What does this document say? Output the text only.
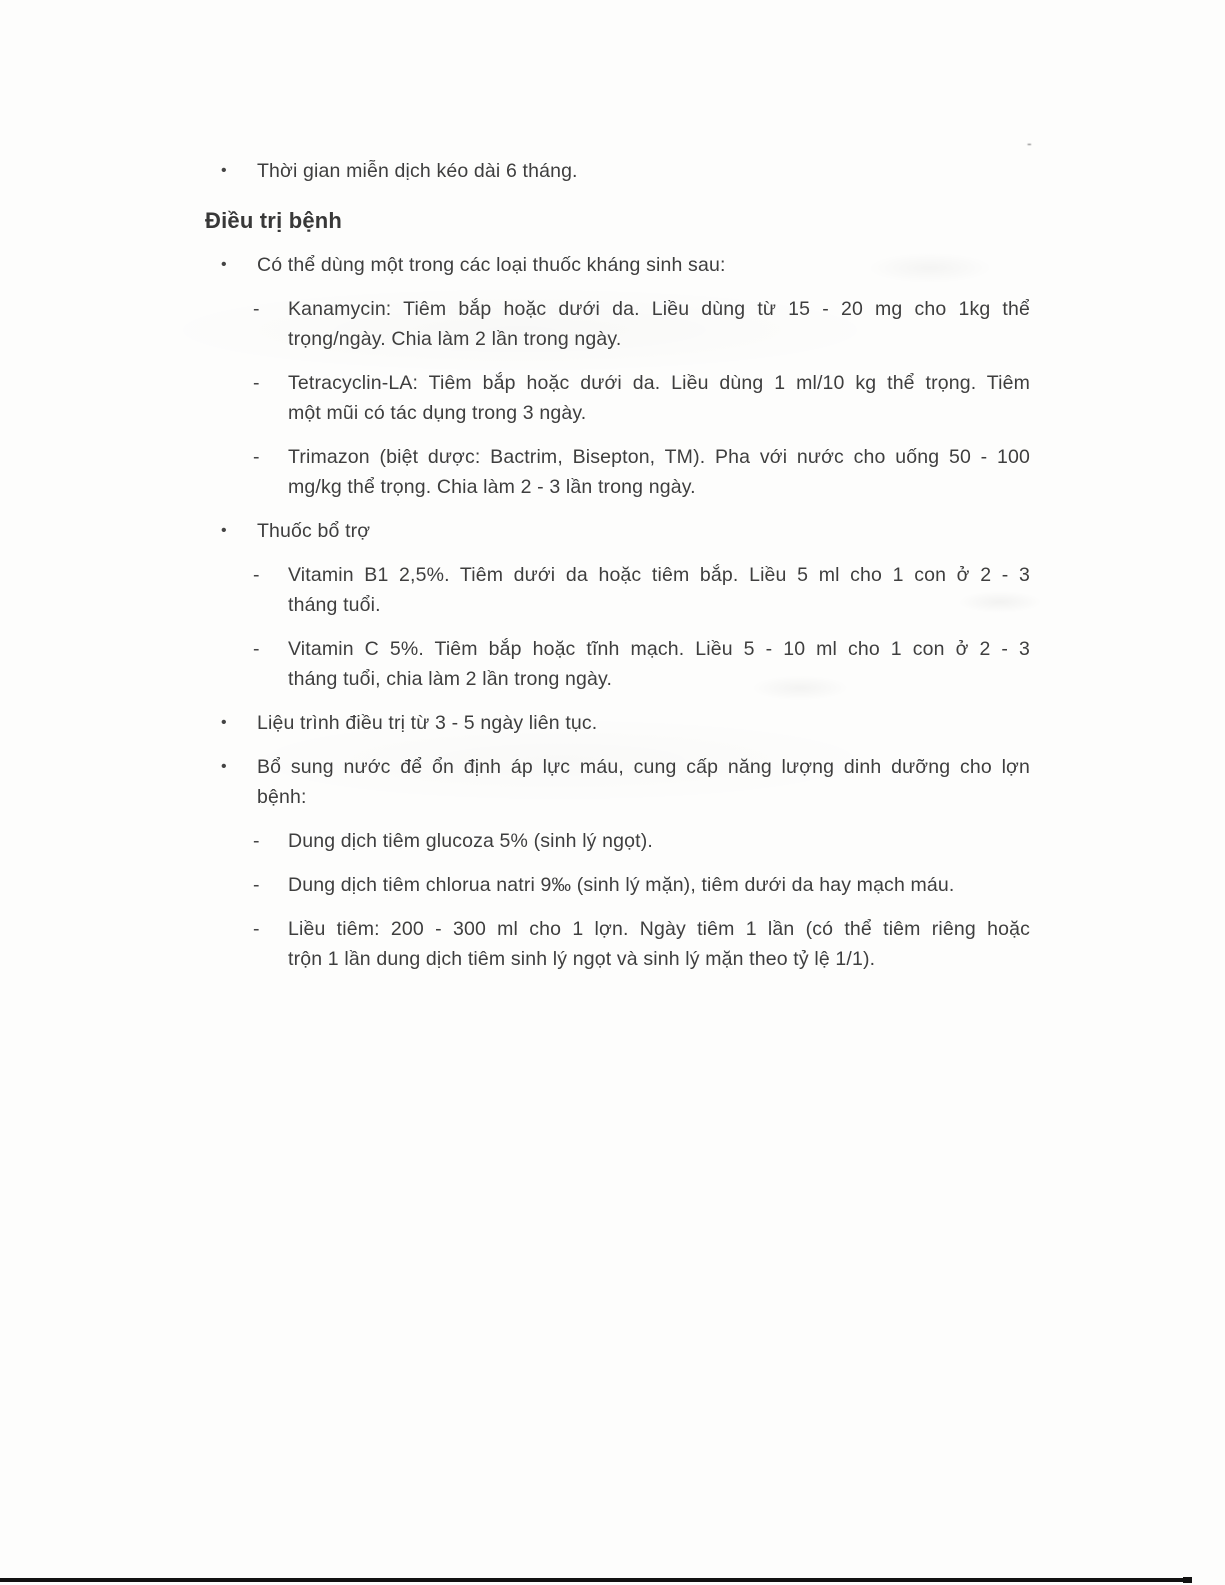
-
• Thời gian miễn dịch kéo dài 6 tháng.
Điều trị bệnh
• Có thể dùng một trong các loại thuốc kháng sinh sau:
- Kanamycin: Tiêm bắp hoặc dưới da. Liều dùng từ 15 - 20 mg cho 1kg thể
trọng/ngày. Chia làm 2 lần trong ngày.
- Tetracyclin-LA: Tiêm bắp hoặc dưới da. Liều dùng 1 ml/10 kg thể trọng. Tiêm
một mũi có tác dụng trong 3 ngày.
- Trimazon (biệt dược: Bactrim, Bisepton, TM). Pha với nước cho uống 50 - 100
mg/kg thể trọng. Chia làm 2 - 3 lần trong ngày.
• Thuốc bổ trợ
- Vitamin B1 2,5%. Tiêm dưới da hoặc tiêm bắp. Liều 5 ml cho 1 con ở 2 - 3
tháng tuổi.
- Vitamin C 5%. Tiêm bắp hoặc tĩnh mạch. Liều 5 - 10 ml cho 1 con ở 2 - 3
tháng tuổi, chia làm 2 lần trong ngày.
• Liệu trình điều trị từ 3 - 5 ngày liên tục.
• Bổ sung nước để ổn định áp lực máu, cung cấp năng lượng dinh dưỡng cho lợn
bệnh:
- Dung dịch tiêm glucoza 5% (sinh lý ngọt).
- Dung dịch tiêm chlorua natri 9‰ (sinh lý mặn), tiêm dưới da hay mạch máu.
- Liều tiêm: 200 - 300 ml cho 1 lợn. Ngày tiêm 1 lần (có thể tiêm riêng hoặc
trộn 1 lần dung dịch tiêm sinh lý ngọt và sinh lý mặn theo tỷ lệ 1/1).
